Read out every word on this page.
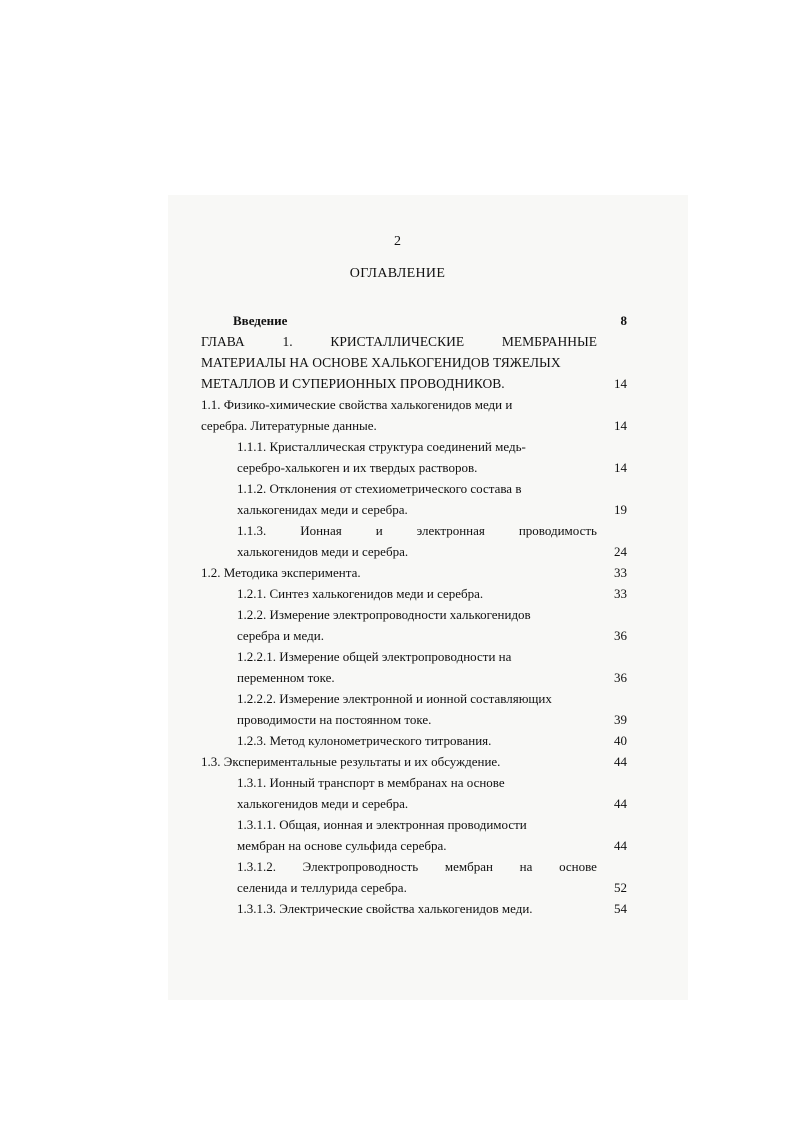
2
ОГЛАВЛЕНИЕ
Введение	8
ГЛАВА	1.	КРИСТАЛЛИЧЕСКИЕ	МЕМБРАННЫЕ
МАТЕРИАЛЫ НА ОСНОВЕ ХАЛЬКОГЕНИДОВ ТЯЖЕЛЫХ
МЕТАЛЛОВ И СУПЕРИОННЫХ ПРОВОДНИКОВ.	14
1.1. Физико-химические свойства халькогенидов меди и
серебра. Литературные данные.	14
1.1.1. Кристаллическая структура соединений медь-
серебро-халькоген и их твердых растворов.	14
1.1.2. Отклонения от стехиометрического состава в
халькогенидах меди и серебра.	19
1.1.3.	Ионная	и	электронная	проводимость
халькогенидов меди и серебра.	24
1.2. Методика эксперимента.	33
1.2.1. Синтез халькогенидов меди и серебра.	33
1.2.2. Измерение электропроводности халькогенидов
серебра и меди.	36
1.2.2.1. Измерение общей электропроводности на
переменном токе.	36
1.2.2.2. Измерение электронной и ионной составляющих
проводимости на постоянном токе.	39
1.2.3. Метод кулонометрического титрования.	40
1.3. Экспериментальные результаты и их обсуждение.	44
1.3.1. Ионный транспорт в мембранах на основе
халькогенидов меди и серебра.	44
1.3.1.1. Общая, ионная и электронная проводимости
мембран на основе сульфида серебра.	44
1.3.1.2. Электропроводность мембран на основе
селенида и теллурида серебра.	52
1.3.1.3. Электрические свойства халькогенидов меди.	54
